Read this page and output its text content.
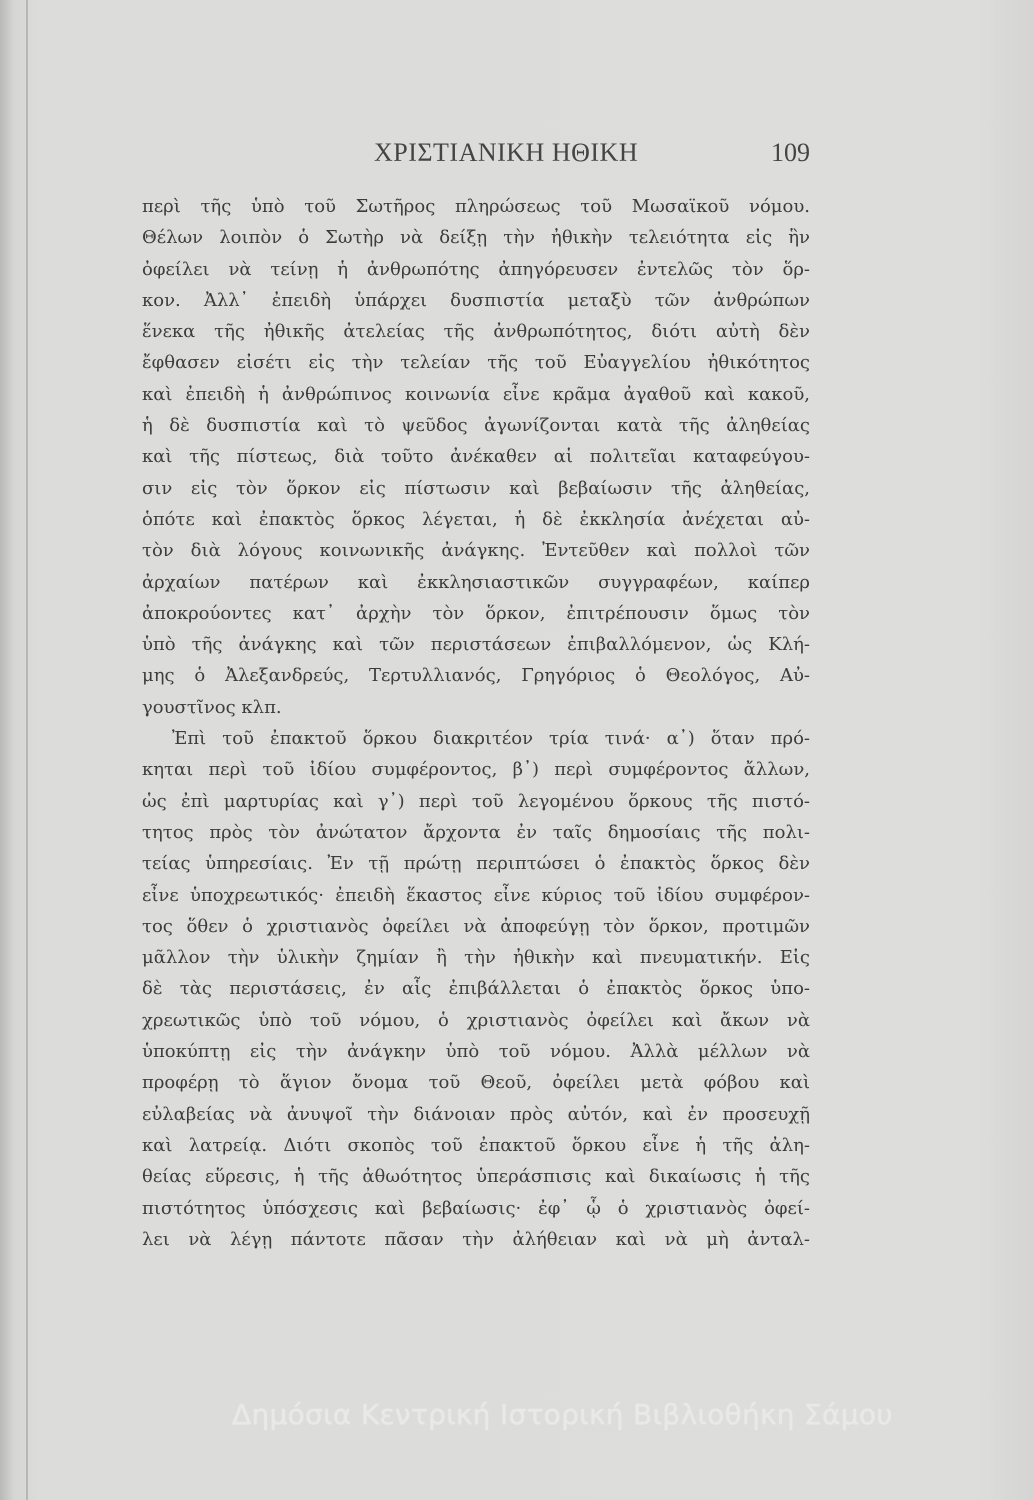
ΧΡΙΣΤΙΑΝΙΚΗ ΗΘΙΚΗ	109
περὶ τῆς ὑπὸ τοῦ Σωτῆρος πληρώσεως τοῦ Μωσαϊκοῦ νόμου.
Θέλων λοιπὸν ὁ Σωτὴρ νὰ δείξῃ τὴν ἠθικὴν τελειότητα εἰς ἣν
ὀφείλει νὰ τείνῃ ἡ ἀνθρωπότης ἀπηγόρευσεν ἐντελῶς τὸν ὅρ-
κον. Ἀλλ᾽ ἐπειδὴ ὑπάρχει δυσπιστία μεταξὺ τῶν ἀνθρώπων
ἕνεκα τῆς ἠθικῆς ἀτελείας τῆς ἀνθρωπότητος, διότι αὐτὴ δὲν
ἔφθασεν εἰσέτι εἰς τὴν τελείαν τῆς τοῦ Εὐαγγελίου ἠθικότητος
καὶ ἐπειδὴ ἡ ἀνθρώπινος κοινωνία εἶνε κρᾶμα ἀγαθοῦ καὶ κακοῦ,
ἡ δὲ δυσπιστία καὶ τὸ ψεῦδος ἀγωνίζονται κατὰ τῆς ἀληθείας
καὶ τῆς πίστεως, διὰ τοῦτο ἀνέκαθεν αἱ πολιτεῖαι καταφεύγου-
σιν εἰς τὸν ὅρκον εἰς πίστωσιν καὶ βεβαίωσιν τῆς ἀληθείας,
ὁπότε καὶ ἐπακτὸς ὅρκος λέγεται, ἡ δὲ ἐκκλησία ἀνέχεται αὐ-
τὸν διὰ λόγους κοινωνικῆς ἀνάγκης. Ἐντεῦθεν καὶ πολλοὶ τῶν
ἀρχαίων πατέρων καὶ ἐκκλησιαστικῶν συγγραφέων, καίπερ
ἀποκρούοντες κατ᾽ ἀρχὴν τὸν ὅρκον, ἐπιτρέπουσιν ὅμως τὸν
ὑπὸ τῆς ἀνάγκης καὶ τῶν περιστάσεων ἐπιβαλλόμενον, ὡς Κλή-
μης ὁ Ἀλεξανδρεύς, Τερτυλλιανός, Γρηγόριος ὁ Θεολόγος, Αὐ-
γουστῖνος κλπ.
Ἐπὶ τοῦ ἐπακτοῦ ὅρκου διακριτέον τρία τινά· α᾽) ὅταν πρό-
κηται περὶ τοῦ ἰδίου συμφέροντος, β᾽) περὶ συμφέροντος ἄλλων,
ὡς ἐπὶ μαρτυρίας καὶ γ᾽) περὶ τοῦ λεγομένου ὅρκους τῆς πιστό-
τητος πρὸς τὸν ἀνώτατον ἄρχοντα ἐν ταῖς δημοσίαις τῆς πολι-
τείας ὑπηρεσίαις. Ἐν τῇ πρώτῃ περιπτώσει ὁ ἐπακτὸς ὅρκος δὲν
εἶνε ὑποχρεωτικός· ἐπειδὴ ἕκαστος εἶνε κύριος τοῦ ἰδίου συμφέρον-
τος ὅθεν ὁ χριστιανὸς ὀφείλει νὰ ἀποφεύγῃ τὸν ὅρκον, προτιμῶν
μᾶλλον τὴν ὑλικὴν ζημίαν ἢ τὴν ἠθικὴν καὶ πνευματικήν. Εἰς
δὲ τὰς περιστάσεις, ἐν αἷς ἐπιβάλλεται ὁ ἐπακτὸς ὅρκος ὑπο-
χρεωτικῶς ὑπὸ τοῦ νόμου, ὁ χριστιανὸς ὀφείλει καὶ ἄκων νὰ
ὑποκύπτῃ εἰς τὴν ἀνάγκην ὑπὸ τοῦ νόμου. Ἀλλὰ μέλλων νὰ
προφέρῃ τὸ ἅγιον ὄνομα τοῦ Θεοῦ, ὀφείλει μετὰ φόβου καὶ
εὐλαβείας νὰ ἀνυψοῖ τὴν διάνοιαν πρὸς αὐτόν, καὶ ἐν προσευχῇ
καὶ λατρείᾳ. Διότι σκοπὸς τοῦ ἐπακτοῦ ὅρκου εἶνε ἡ τῆς ἀλη-
θείας εὕρεσις, ἡ τῆς ἀθωότητος ὑπεράσπισις καὶ δικαίωσις ἡ τῆς
πιστότητος ὑπόσχεσις καὶ βεβαίωσις· ἐφ᾽ ᾧ ὁ χριστιανὸς ὀφεί-
λει νὰ λέγῃ πάντοτε πᾶσαν τὴν ἀλήθειαν καὶ νὰ μὴ ἀνταλ-
Δημόσια Κεντρική Ιστορική Βιβλιοθήκη Σάμου
